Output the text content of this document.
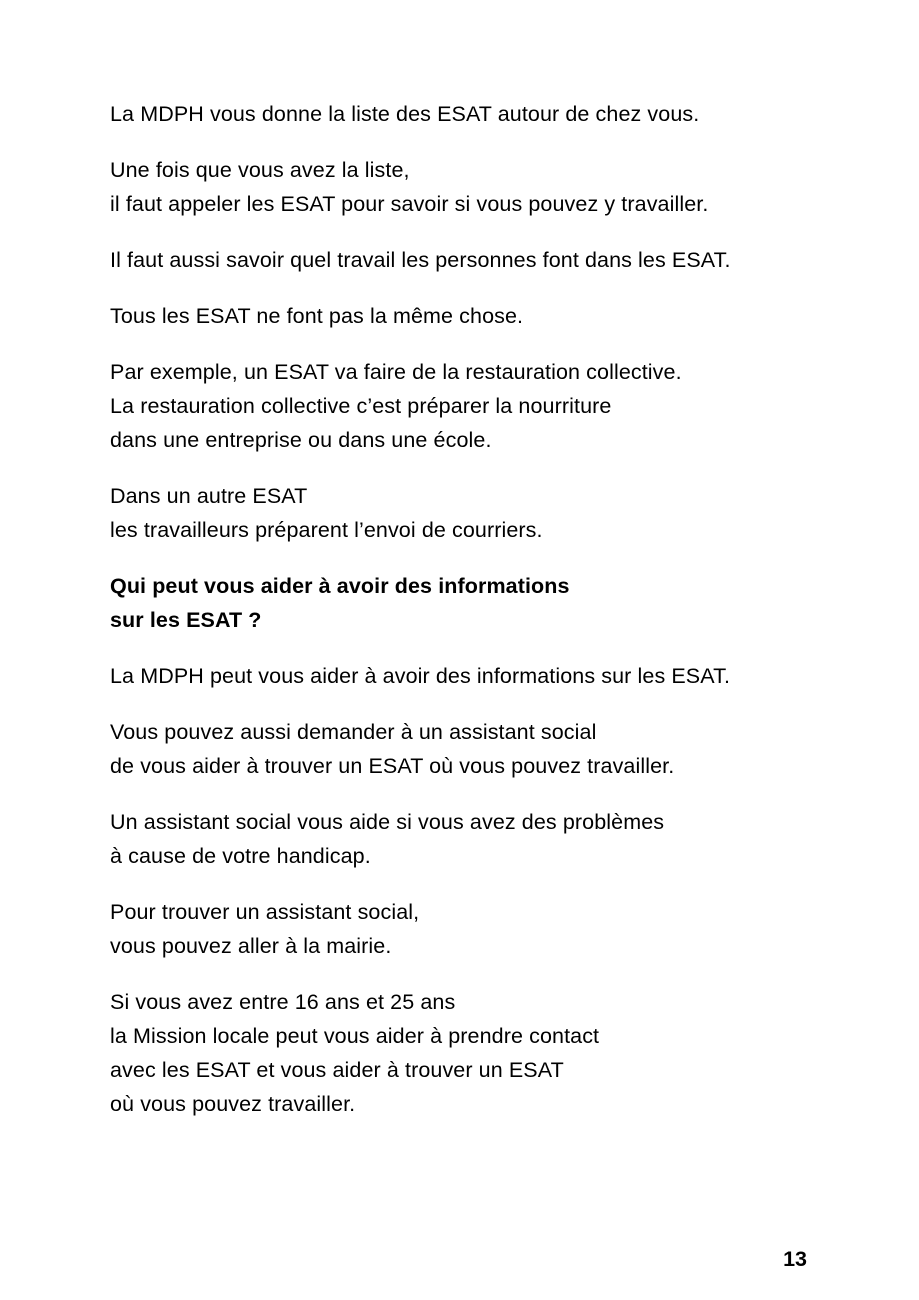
La MDPH vous donne la liste des ESAT autour de chez vous.

Une fois que vous avez la liste,
il faut appeler les ESAT pour savoir si vous pouvez y travailler.

Il faut aussi savoir quel travail les personnes font dans les ESAT.

Tous les ESAT ne font pas la même chose.

Par exemple, un ESAT va faire de la restauration collective.
La restauration collective c’est préparer la nourriture
dans une entreprise ou dans une école.

Dans un autre ESAT
les travailleurs préparent l’envoi de courriers.

Qui peut vous aider à avoir des informations
sur les ESAT ?

La MDPH peut vous aider à avoir des informations sur les ESAT.

Vous pouvez aussi demander à un assistant social
de vous aider à trouver un ESAT où vous pouvez travailler.

Un assistant social vous aide si vous avez des problèmes
à cause de votre handicap.

Pour trouver un assistant social,
vous pouvez aller à la mairie.

Si vous avez entre 16 ans et 25 ans
la Mission locale peut vous aider à prendre contact
avec les ESAT et vous aider à trouver un ESAT
où vous pouvez travailler.

13
